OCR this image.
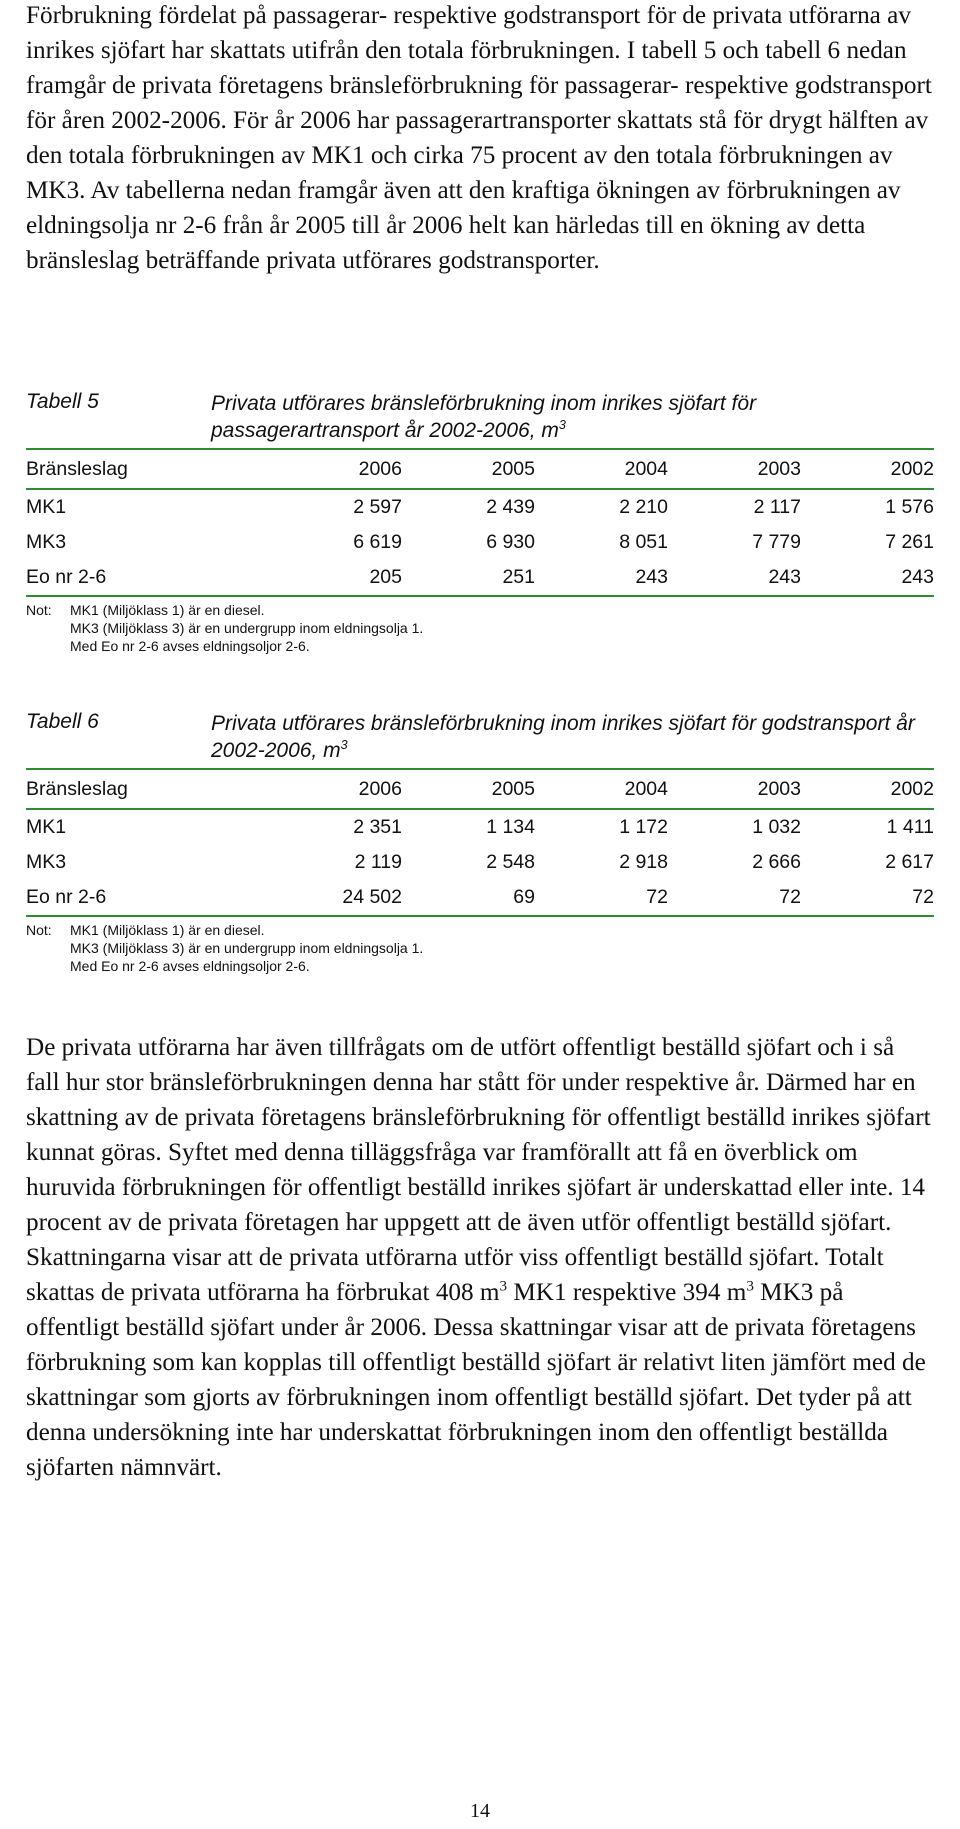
Förbrukning fördelat på passagerar- respektive godstransport för de privata utförarna av inrikes sjöfart har skattats utifrån den totala förbrukningen. I tabell 5 och tabell 6 nedan framgår de privata företagens bränsleförbrukning för passagerar- respektive godstransport för åren 2002-2006. För år 2006 har passagerartransporter skattats stå för drygt hälften av den totala förbrukningen av MK1 och cirka 75 procent av den totala förbrukningen av MK3. Av tabellerna nedan framgår även att den kraftiga ökningen av förbrukningen av eldningsolja nr 2-6 från år 2005 till år 2006 helt kan härledas till en ökning av detta bränsleslag beträffande privata utförares godstransporter.

Tabell 5	Privata utförares bränsleförbrukning inom inrikes sjöfart för passagerartransport år 2002-2006, $m^3$
Bränsleslag	2006	2005	2004	2003	2002
MK1	2 597	2 439	2 210	2 117	1 576
MK3	6 619	6 930	8 051	7 779	7 261
Eo nr 2-6	205	251	243	243	243
Not:	MK1 (Miljöklass 1) är en diesel.
MK3 (Miljöklass 3) är en undergrupp inom eldningsolja 1.
Med Eo nr 2-6 avses eldningsoljor 2-6.
Tabell 6	Privata utförares bränsleförbrukning inom inrikes sjöfart för godstransport år 2002-2006, $m^3$
Bränsleslag	2006	2005	2004	2003	2002
MK1	2 351	1 134	1 172	1 032	1 411
MK3	2 119	2 548	2 918	2 666	2 617
Eo nr 2-6	24 502	69	72	72	72
Not:	MK1 (Miljöklass 1) är en diesel.
MK3 (Miljöklass 3) är en undergrupp inom eldningsolja 1.
Med Eo nr 2-6 avses eldningsoljor 2-6.

De privata utförarna har även tillfrågats om de utfört offentligt beställd sjöfart och i så fall hur stor bränsleförbrukningen denna har stått för under respektive år. Därmed har en skattning av de privata företagens bränsleförbrukning för offentligt beställd inrikes sjöfart kunnat göras. Syftet med denna tilläggsfråga var framförallt att få en överblick om huruvida förbrukningen för offentligt beställd inrikes sjöfart är underskattad eller inte. 14 procent av de privata företagen har uppgett att de även utför offentligt beställd sjöfart. Skattningarna visar att de privata utförarna utför viss offentligt beställd sjöfart. Totalt skattas de privata utförarna ha förbrukat 408 $m^3$ MK1 respektive 394 $m^3$ MK3 på offentligt beställd sjöfart under år 2006. Dessa skattningar visar att de privata företagens förbrukning som kan kopplas till offentligt beställd sjöfart är relativt liten jämfört med de skattningar som gjorts av förbrukningen inom offentligt beställd sjöfart. Det tyder på att denna undersökning inte har underskattat förbrukningen inom den offentligt beställda sjöfarten nämnvärt.

14
